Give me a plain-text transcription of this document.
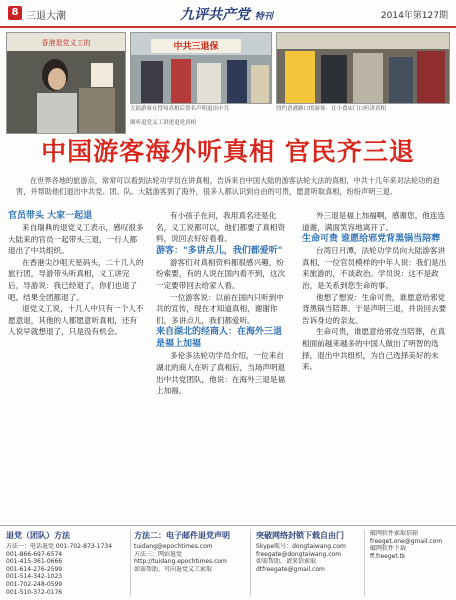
8 三退大潮	九评共产党 特刊	2014年第127期
香港退党义工的	中共三退保
大陆游客在得知真相后签名声明退出中共	纽约香港路口的游客：在小食店门口听讲真相
细听退党义工讲述退党真相
中国游客海外听真相 官民齐三退
在世界各地的旅游点，常常可以看到法轮功学员在讲真相，告诉来自中国大陆的游客法轮大法的真相，中共十几年来对法轮功的迫害，并帮助他们退出中共党、团、队。大陆游客到了海外，很多人都认识到自由的可贵，愿意听取真相，纷纷声明三退。

官员带头 大家一起退

来自瑞典的退党义工表示，感叹很多大陆来的官员一起带头三退，一行人都退出了中共组织。

在香港尖沙咀天星码头，二十几人的旅行团，导游带头听真相，义工讲完后，导游说：我已经退了，你们也退了吧。结果全团都退了。

退党义工说，十几人中只有一个人不愿意退，其他的人都愿意听真相，还有人说早就想退了，只是没有机会。

有小孩子在问，我用真名还是化名，义工说都可以，他们都要了真相资料，说回去好好看看。

游客："多讲点儿，我们都爱听"

游客们对真相资料都很感兴趣，纷纷索要，有的人说在国内看不到，这次一定要带回去给家人看。

一位游客说：以前在国内只听到中共的宣传，现在才知道真相，谢谢你们，多讲点儿，我们都爱听。

来自湖北的经商人：在海外三退是福上加福

多伦多法轮功学员介绍，一位来自湖北的商人在听了真相后，当场声明退出中共党团队，他说：在海外三退是福上加福。

外三退是福上加福啊，感谢您，他连连道谢，满面笑容地离开了。

生命可贵 谁愿给邪党背黑锅当陪葬

台湾日月潭，法轮功学员向大陆游客讲真相，一位官员模样的中年人说：我们是出来旅游的，不谈政治。学员说：这不是政治，是关系到您生命的事。

他想了想说：生命可贵，谁愿意给邪党背黑锅当陪葬。于是声明三退，并说回去要告诉身边的亲友。

生命可贵，谁愿意给邪党当陪葬，在真相面前越来越多的中国人做出了明智的选择，退出中共组织，为自己选择美好的未来。

退党（团队）方法
方法一：电话退党 001-702-873-1734
001-866-697-6574
001-415-361-0666
001-614-276-2599
001-514-342-1023
001-702-248-0599
001-510-372-0176
方法二：电子邮件退党声明
tuidang@epochtimes.com
方法三：网站退党
http://tuidang.epochtimes.com
如需帮助，可向退党义工索取
突破网络封锁下载自由门
Skype账号：dongtaiwang.com
freegate@dongtaiwang.com
如需帮助，请来信索取
dtfreegate@gmail.com
破网软件索取信箱
freeget.one@gmail.com
破网软件下载
ff.freeget.tk
